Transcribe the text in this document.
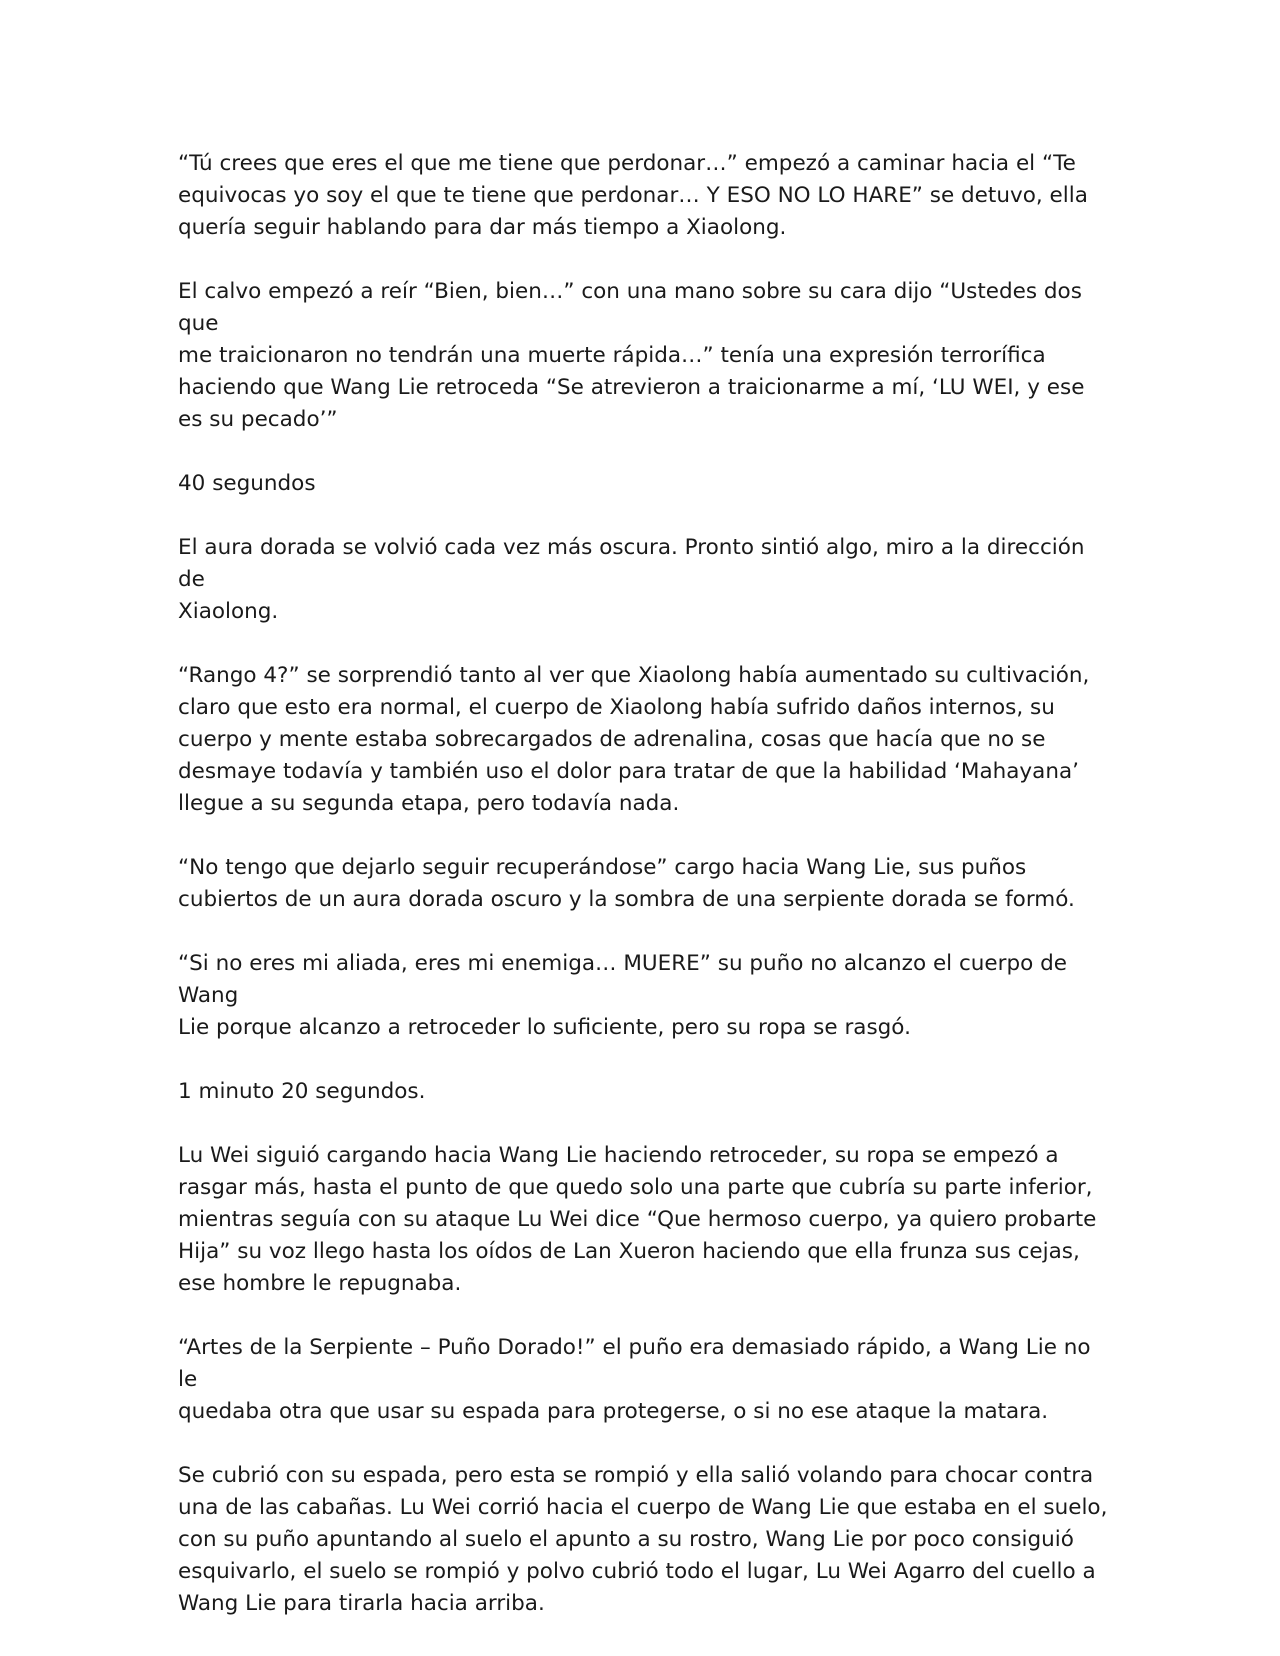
“Tú crees que eres el que me tiene que perdonar…” empezó a caminar hacia el “Te
equivocas yo soy el que te tiene que perdonar… Y ESO NO LO HARE” se detuvo, ella
quería seguir hablando para dar más tiempo a Xiaolong.

El calvo empezó a reír “Bien, bien…” con una mano sobre su cara dijo “Ustedes dos que
me traicionaron no tendrán una muerte rápida…” tenía una expresión terrorífica
haciendo que Wang Lie retroceda “Se atrevieron a traicionarme a mí, ‘LU WEI, y ese
es su pecado’”

40 segundos

El aura dorada se volvió cada vez más oscura. Pronto sintió algo, miro a la dirección de
Xiaolong.

“Rango 4?” se sorprendió tanto al ver que Xiaolong había aumentado su cultivación,
claro que esto era normal, el cuerpo de Xiaolong había sufrido daños internos, su
cuerpo y mente estaba sobrecargados de adrenalina, cosas que hacía que no se
desmaye todavía y también uso el dolor para tratar de que la habilidad ‘Mahayana’
llegue a su segunda etapa, pero todavía nada.

“No tengo que dejarlo seguir recuperándose” cargo hacia Wang Lie, sus puños
cubiertos de un aura dorada oscuro y la sombra de una serpiente dorada se formó.

“Si no eres mi aliada, eres mi enemiga… MUERE” su puño no alcanzo el cuerpo de Wang
Lie porque alcanzo a retroceder lo suficiente, pero su ropa se rasgó.

1 minuto 20 segundos.

Lu Wei siguió cargando hacia Wang Lie haciendo retroceder, su ropa se empezó a
rasgar más, hasta el punto de que quedo solo una parte que cubría su parte inferior,
mientras seguía con su ataque Lu Wei dice “Que hermoso cuerpo, ya quiero probarte
Hija” su voz llego hasta los oídos de Lan Xueron haciendo que ella frunza sus cejas,
ese hombre le repugnaba.

“Artes de la Serpiente – Puño Dorado!” el puño era demasiado rápido, a Wang Lie no le
quedaba otra que usar su espada para protegerse, o si no ese ataque la matara.

Se cubrió con su espada, pero esta se rompió y ella salió volando para chocar contra
una de las cabañas. Lu Wei corrió hacia el cuerpo de Wang Lie que estaba en el suelo,
con su puño apuntando al suelo el apunto a su rostro, Wang Lie por poco consiguió
esquivarlo, el suelo se rompió y polvo cubrió todo el lugar, Lu Wei Agarro del cuello a
Wang Lie para tirarla hacia arriba.
